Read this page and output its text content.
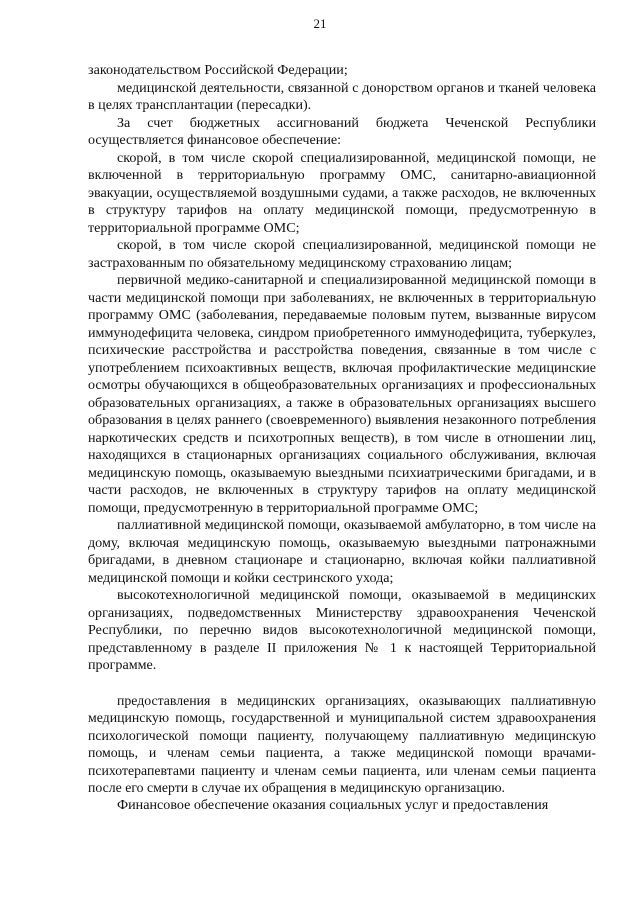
21

законодательством Российской Федерации;

медицинской деятельности, связанной с донорством органов и тканей человека в целях трансплантации (пересадки).

За счет бюджетных ассигнований бюджета Чеченской Республики осуществляется финансовое обеспечение:

скорой, в том числе скорой специализированной, медицинской помощи, не включенной в территориальную программу ОМС, санитарно-авиационной эвакуации, осуществляемой воздушными судами, а также расходов, не включенных в структуру тарифов на оплату медицинской помощи, предусмотренную в территориальной программе ОМС;

скорой, в том числе скорой специализированной, медицинской помощи не застрахованным по обязательному медицинскому страхованию лицам;

первичной медико-санитарной и специализированной медицинской помощи в части медицинской помощи при заболеваниях, не включенных в территориальную программу ОМС (заболевания, передаваемые половым путем, вызванные вирусом иммунодефицита человека, синдром приобретенного иммунодефицита, туберкулез, психические расстройства и расстройства поведения, связанные в том числе с употреблением психоактивных веществ, включая профилактические медицинские осмотры обучающихся в общеобразовательных организациях и профессиональных образовательных организациях, а также в образовательных организациях высшего образования в целях раннего (своевременного) выявления незаконного потребления наркотических средств и психотропных веществ), в том числе в отношении лиц, находящихся в стационарных организациях социального обслуживания, включая медицинскую помощь, оказываемую выездными психиатрическими бригадами, и в части расходов, не включенных в структуру тарифов на оплату медицинской помощи, предусмотренную в территориальной программе ОМС;

паллиативной медицинской помощи, оказываемой амбулаторно, в том числе на дому, включая медицинскую помощь, оказываемую выездными патронажными бригадами, в дневном стационаре и стационарно, включая койки паллиативной медицинской помощи и койки сестринского ухода;

высокотехнологичной медицинской помощи, оказываемой в медицинских организациях, подведомственных Министерству здравоохранения Чеченской Республики, по перечню видов высокотехнологичной медицинской помощи, представленному в разделе II приложения № 1 к настоящей Территориальной программе.

предоставления в медицинских организациях, оказывающих паллиативную медицинскую помощь, государственной и муниципальной систем здравоохранения психологической помощи пациенту, получающему паллиативную медицинскую помощь, и членам семьи пациента, а также медицинской помощи врачами-психотерапевтами пациенту и членам семьи пациента, или членам семьи пациента после его смерти в случае их обращения в медицинскую организацию.

Финансовое обеспечение оказания социальных услуг и предоставления
